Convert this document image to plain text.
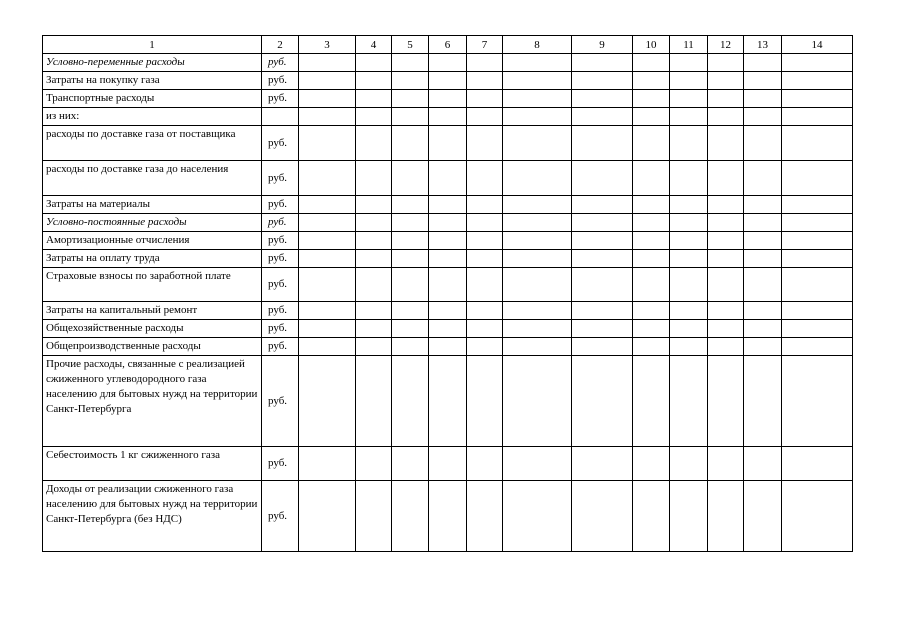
1	2	3	4	5	6	7	8	9	10	11	12	13	14
Условно-переменные расходы	руб.												
Затраты на покупку газа	руб.												
Транспортные расходы	руб.												
из них:													
расходы по доставке газа от поставщика	руб.												
расходы по доставке газа до населения	руб.												
Затраты на материалы	руб.												
Условно-постоянные расходы	руб.												
Амортизационные отчисления	руб.												
Затраты на оплату труда	руб.												
Страховые взносы по заработной плате	руб.												
Затраты на капитальный ремонт	руб.												
Общехозяйственные расходы	руб.												
Общепроизводственные расходы	руб.												
Прочие расходы, связанные с реализацией сжиженного углеводородного газа населению для бытовых нужд на территории Санкт-Петербурга	руб.												
Себестоимость 1 кг сжиженного газа	руб.												
Доходы от реализации сжиженного газа населению для бытовых нужд на территории Санкт-Петербурга (без НДС)	руб.												
